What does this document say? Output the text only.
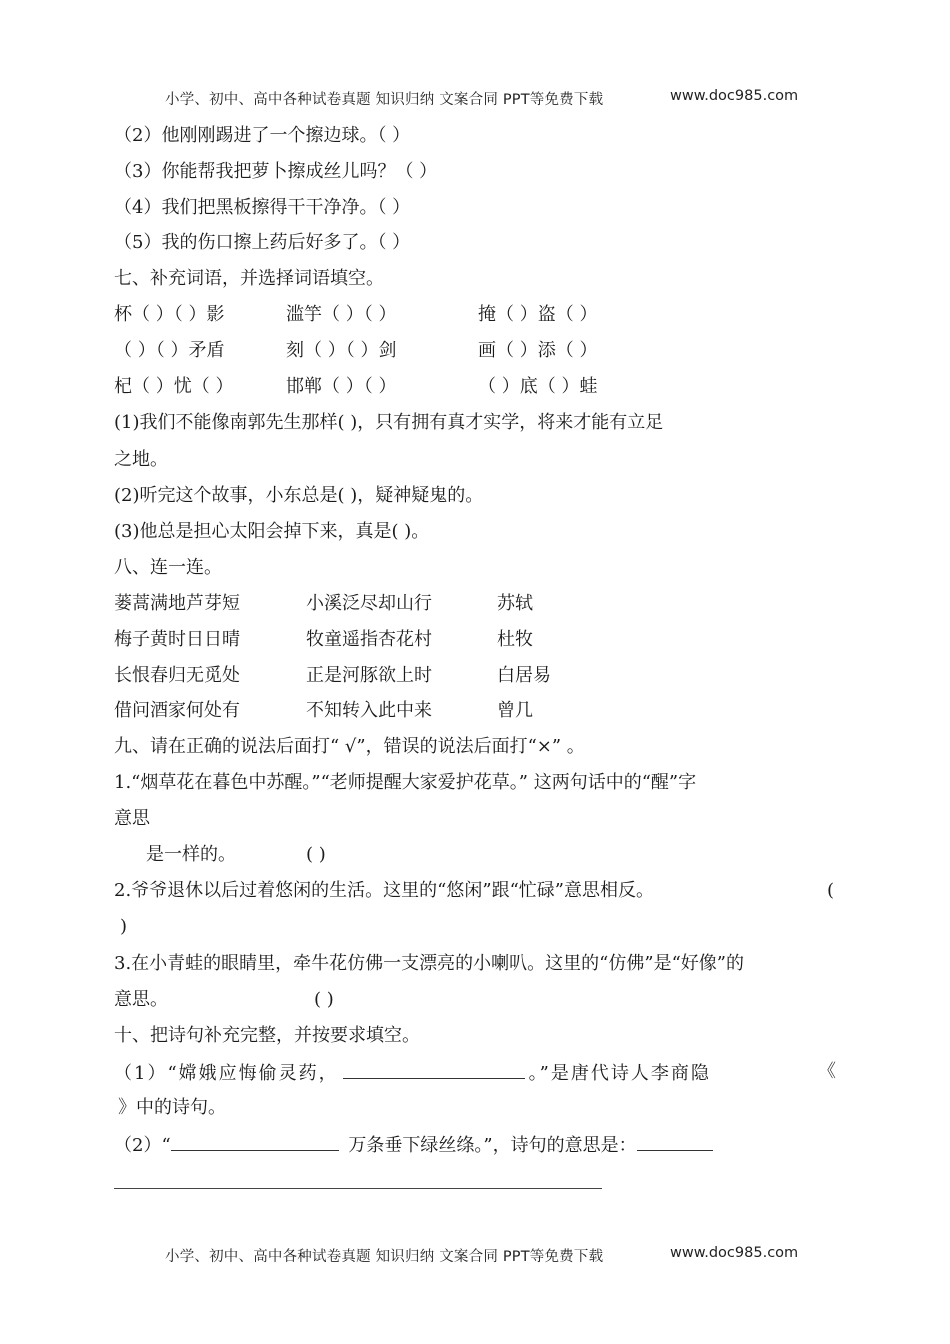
小学、初中、高中各种试卷真题 知识归纳 文案合同 PPT等免费下载	www.doc985.com
（2）他刚刚踢进了一个擦边球。（ ）
（3）你能帮我把萝卜擦成丝儿吗？（ ）
（4）我们把黑板擦得干干净净。（ ）
（5）我的伤口擦上药后好多了。（ ）
七、补充词语，并选择词语填空。
杯（ ）（ ）影	滥竽（ ）（ ）	掩（ ）盗（ ）
（ ）（ ）矛盾	刻（ ）（ ）剑	画（ ）添（ ）
杞（ ）忧（ ）	邯郸（ ）（ ）	（ ）底（ ）蛙
(1)我们不能像南郭先生那样( )，只有拥有真才实学，将来才能有立足
之地。
(2)听完这个故事，小东总是( )，疑神疑鬼的。
(3)他总是担心太阳会掉下来，真是( )。
八、连一连。
蒌蒿满地芦芽短	小溪泛尽却山行	苏轼
梅子黄时日日晴	牧童遥指杏花村	杜牧
长恨春归无觅处	正是河豚欲上时	白居易
借问酒家何处有	不知转入此中来	曾几
九、请在正确的说法后面打“ √”，错误的说法后面打“×” 。
1.“烟草花在暮色中苏醒。”“老师提醒大家爱护花草。” 这两句话中的“醒”字
意思
是一样的。	( )
2.爷爷退休以后过着悠闲的生活。这里的“悠闲”跟“忙碌”意思相反。	(
)
3.在小青蛙的眼睛里，牵牛花仿佛一支漂亮的小喇叭。这里的“仿佛”是“好像”的
意思。	( )
十、把诗句补充完整，并按要求填空。
（1）“嫦娥应悔偷灵药，	。”是唐代诗人李商隐	《
》中的诗句。
（2）“	万条垂下绿丝绦。”，诗句的意思是：
小学、初中、高中各种试卷真题 知识归纳 文案合同 PPT等免费下载	www.doc985.com
